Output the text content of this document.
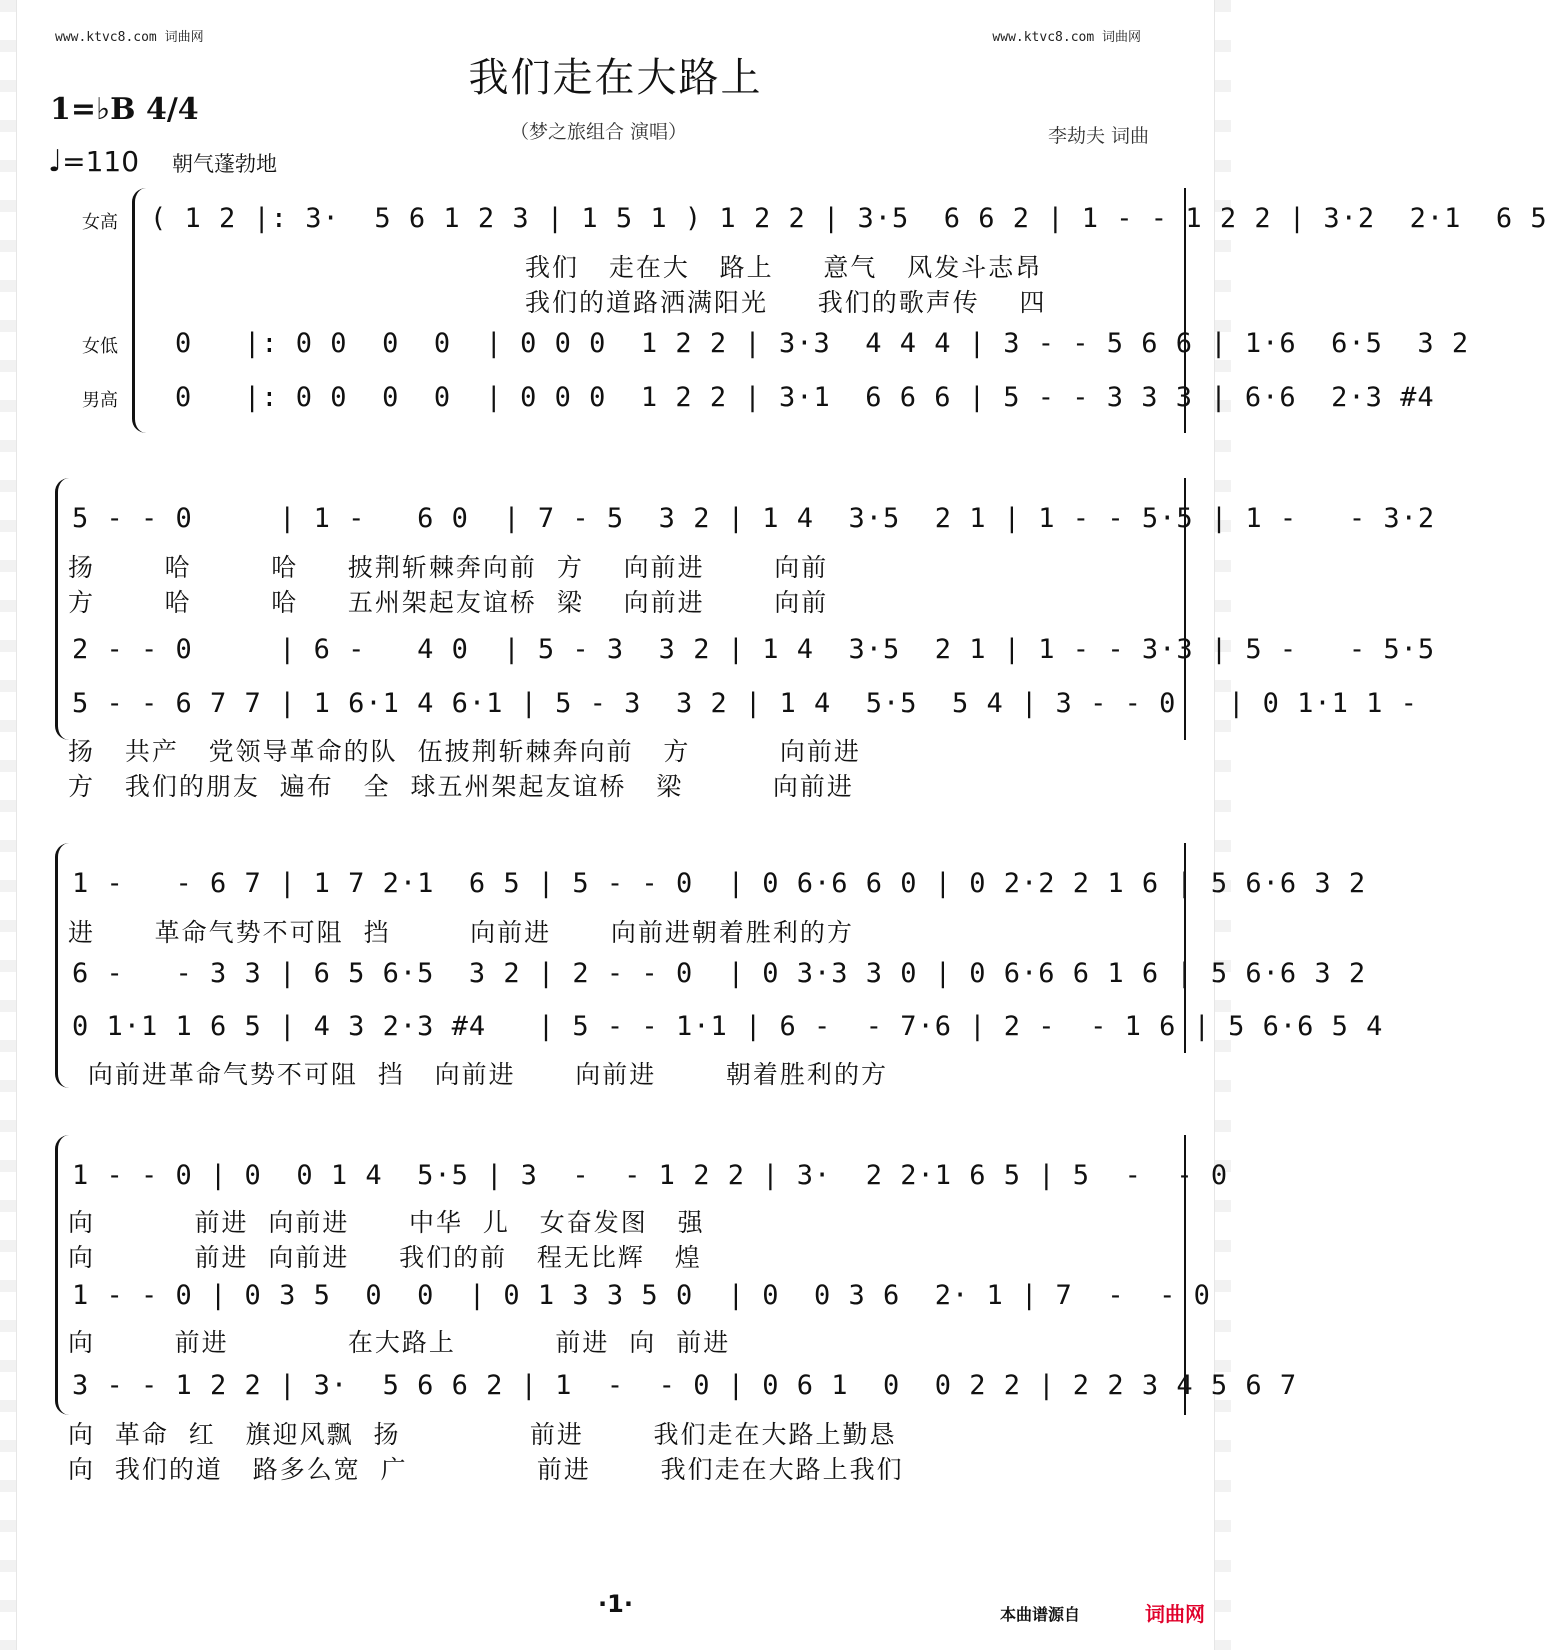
www.ktvc8.com 词曲网	www.ktvc8.com 词曲网
我们走在大路上
1=♭B 4/4
（梦之旅组合 演唱）	李劫夫 词曲
♩=110 朝气蓬勃地
女高
女低
男高
( 1 2 |: 3·  5 6 1 2 3 | 1 5 1 ) 1 2 2 | 3·5  6 6 2 | 1 - - 1 2 2 | 3·2  2·1  6 5
我们   走在大   路上     意气   风发斗志昂
我们的道路洒满阳光     我们的歌声传    四
0   |: 0 0  0  0  | 0 0 0  1 2 2 | 3·3  4 4 4 | 3 - - 5 6 6 | 1·6  6·5  3 2
0   |: 0 0  0  0  | 0 0 0  1 2 2 | 3·1  6 6 6 | 5 - - 3 3 3 | 6·6  2·3 #4
5 - - 0     | 1 -   6 0  | 7 - 5  3 2 | 1 4  3·5  2 1 | 1 - - 5·5 | 1 -   - 3·2
扬       哈        哈     披荆斩棘奔向前  方    向前进       向前
方       哈        哈     五州架起友谊桥  梁    向前进       向前
2 - - 0     | 6 -   4 0  | 5 - 3  3 2 | 1 4  3·5  2 1 | 1 - - 3·3 | 5 -   - 5·5
5 - - 6 7 7 | 1 6·1 4 6·1 | 5 - 3  3 2 | 1 4  5·5  5 4 | 3 - - 0   | 0 1·1 1 -
扬   共产   党领导革命的队  伍披荆斩棘奔向前   方         向前进
方   我们的朋友  遍布   全  球五州架起友谊桥   梁         向前进
1 -   - 6 7 | 1 7 2·1  6 5 | 5 - - 0  | 0 6·6 6 0 | 0 2·2 2 1 6 | 5 6·6 3 2
进      革命气势不可阻  挡        向前进      向前进朝着胜利的方
6 -   - 3 3 | 6 5 6·5  3 2 | 2 - - 0  | 0 3·3 3 0 | 0 6·6 6 1 6 | 5 6·6 3 2
0 1·1 1 6 5 | 4 3 2·3 #4   | 5 - - 1·1 | 6 -  - 7·6 | 2 -  - 1 6 | 5 6·6 5 4
向前进革命气势不可阻  挡   向前进      向前进       朝着胜利的方
1 - - 0 | 0  0 1 4  5·5 | 3  -  - 1 2 2 | 3·  2 2·1 6 5 | 5  -  - 0
向          前进  向前进      中华  儿   女奋发图   强
向          前进  向前进     我们的前   程无比辉   煌
1 - - 0 | 0 3 5  0  0  | 0 1 3 3 5 0  | 0  0 3 6  2· 1 | 7  -  - 0
向        前进            在大路上          前进  向  前进
3 - - 1 2 2 | 3·  5 6 6 2 | 1  -  - 0 | 0 6 1  0  0 2 2 | 2 2 3 4 5 6 7
向  革命  红   旗迎风飘  扬             前进       我们走在大路上勤恳
向  我们的道   路多么宽  广             前进       我们走在大路上我们
·1·	本曲谱源自	词曲网
